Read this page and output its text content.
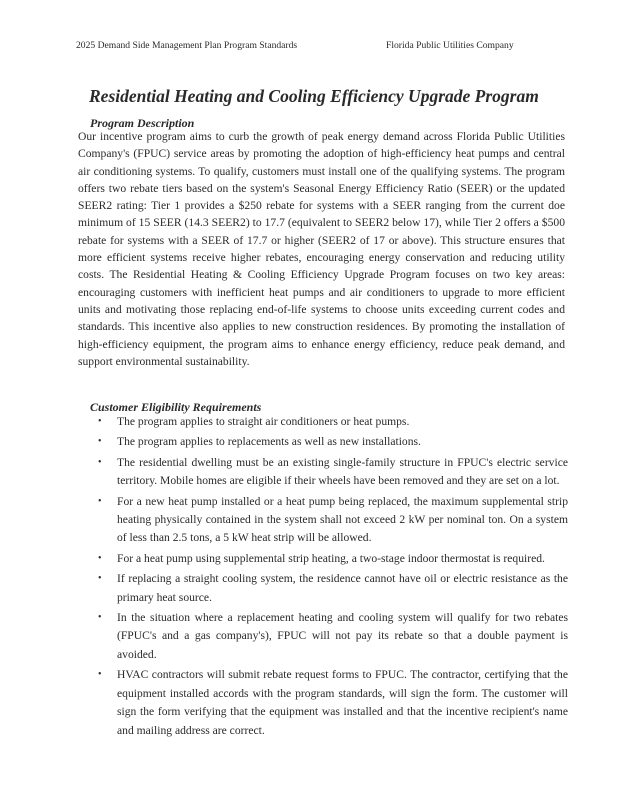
2025 Demand Side Management Plan Program Standards	Florida Public Utilities Company
Residential Heating and Cooling Efficiency Upgrade Program
Program Description

Our incentive program aims to curb the growth of peak energy demand across Florida Public Utilities Company's (FPUC) service areas by promoting the adoption of high-efficiency heat pumps and central air conditioning systems. To qualify, customers must install one of the qualifying systems. The program offers two rebate tiers based on the system's Seasonal Energy Efficiency Ratio (SEER) or the updated SEER2 rating: Tier 1 provides a $250 rebate for systems with a SEER ranging from the current doe minimum of 15 SEER (14.3 SEER2) to 17.7 (equivalent to SEER2 below 17), while Tier 2 offers a $500 rebate for systems with a SEER of 17.7 or higher (SEER2 of 17 or above). This structure ensures that more efficient systems receive higher rebates, encouraging energy conservation and reducing utility costs. The Residential Heating & Cooling Efficiency Upgrade Program focuses on two key areas: encouraging customers with inefficient heat pumps and air conditioners to upgrade to more efficient units and motivating those replacing end-of-life systems to choose units exceeding current codes and standards. This incentive also applies to new construction residences. By promoting the installation of high-efficiency equipment, the program aims to enhance energy efficiency, reduce peak demand, and support environmental sustainability.

Customer Eligibility Requirements
• The program applies to straight air conditioners or heat pumps.
• The program applies to replacements as well as new installations.
• The residential dwelling must be an existing single-family structure in FPUC's electric service territory. Mobile homes are eligible if their wheels have been removed and they are set on a lot.
• For a new heat pump installed or a heat pump being replaced, the maximum supplemental strip heating physically contained in the system shall not exceed 2 kW per nominal ton. On a system of less than 2.5 tons, a 5 kW heat strip will be allowed.
• For a heat pump using supplemental strip heating, a two-stage indoor thermostat is required.
• If replacing a straight cooling system, the residence cannot have oil or electric resistance as the primary heat source.
• In the situation where a replacement heating and cooling system will qualify for two rebates (FPUC's and a gas company's), FPUC will not pay its rebate so that a double payment is avoided.
• HVAC contractors will submit rebate request forms to FPUC. The contractor, certifying that the equipment installed accords with the program standards, will sign the form. The customer will sign the form verifying that the equipment was installed and that the incentive recipient's name and mailing address are correct.
